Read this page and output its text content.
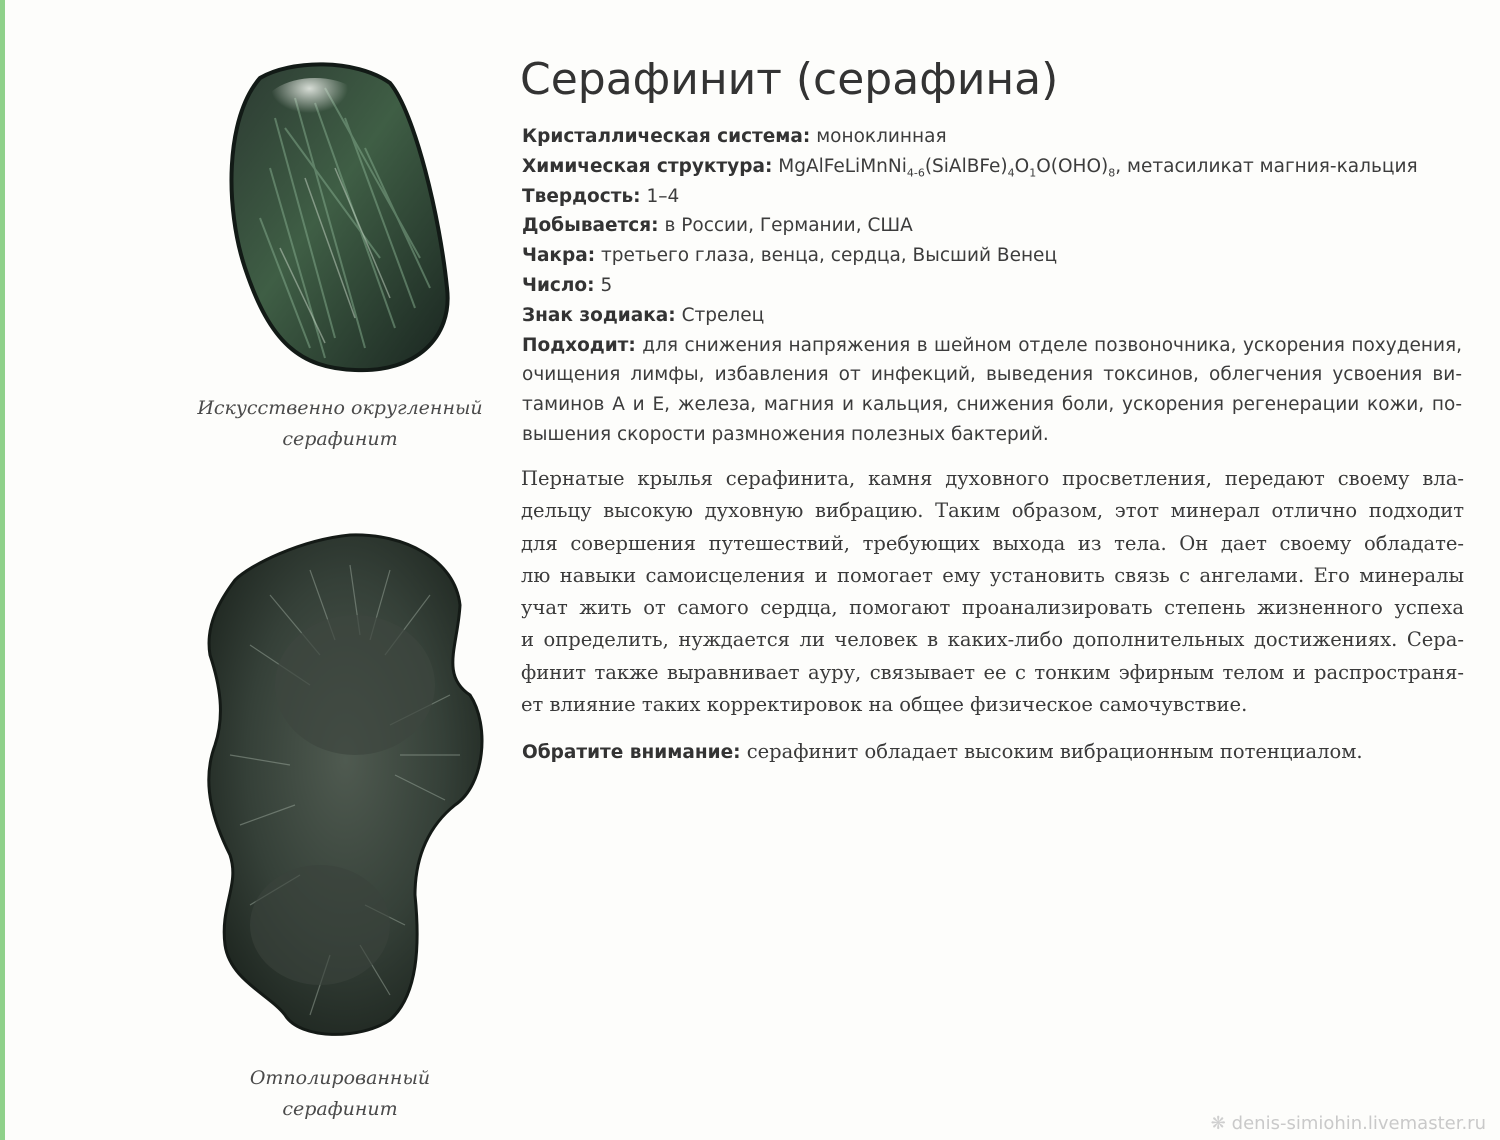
Искусственно округленный
серафинит
Отполированный
серафинит
Серафинит (серафина)
Кристаллическая система: моноклинная
Химическая структура: $MgAlFeLiMnNi_{4-6}(SiAlBFe)_4O_1O(OHO)_8$, метасиликат магния-кальция
Твердость: 1–4
Добывается: в России, Германии, США
Чакра: третьего глаза, венца, сердца, Высший Венец
Число: 5
Знак зодиака: Стрелец
Подходит: для снижения напряжения в шейном отделе позвоночника, ускорения похудения,
очищения лимфы, избавления от инфекций, выведения токсинов, облегчения усвоения ви-
таминов А и Е, железа, магния и кальция, снижения боли, ускорения регенерации кожи, по-
вышения скорости размножения полезных бактерий.
Пернатые крылья серафинита, камня духовного просветления, передают своему вла-
дельцу высокую духовную вибрацию. Таким образом, этот минерал отлично подходит
для совершения путешествий, требующих выхода из тела. Он дает своему обладате-
лю навыки самоисцеления и помогает ему установить связь с ангелами. Его минералы
учат жить от самого сердца, помогают проанализировать степень жизненного успеха
и определить, нуждается ли человек в каких-либо дополнительных достижениях. Сера-
финит также выравнивает ауру, связывает ее с тонким эфирным телом и распространя-
ет влияние таких корректировок на общее физическое самочувствие.
Обратите внимание: серафинит обладает высоким вибрационным потенциалом.
❋ denis-simiohin.livemaster.ru
